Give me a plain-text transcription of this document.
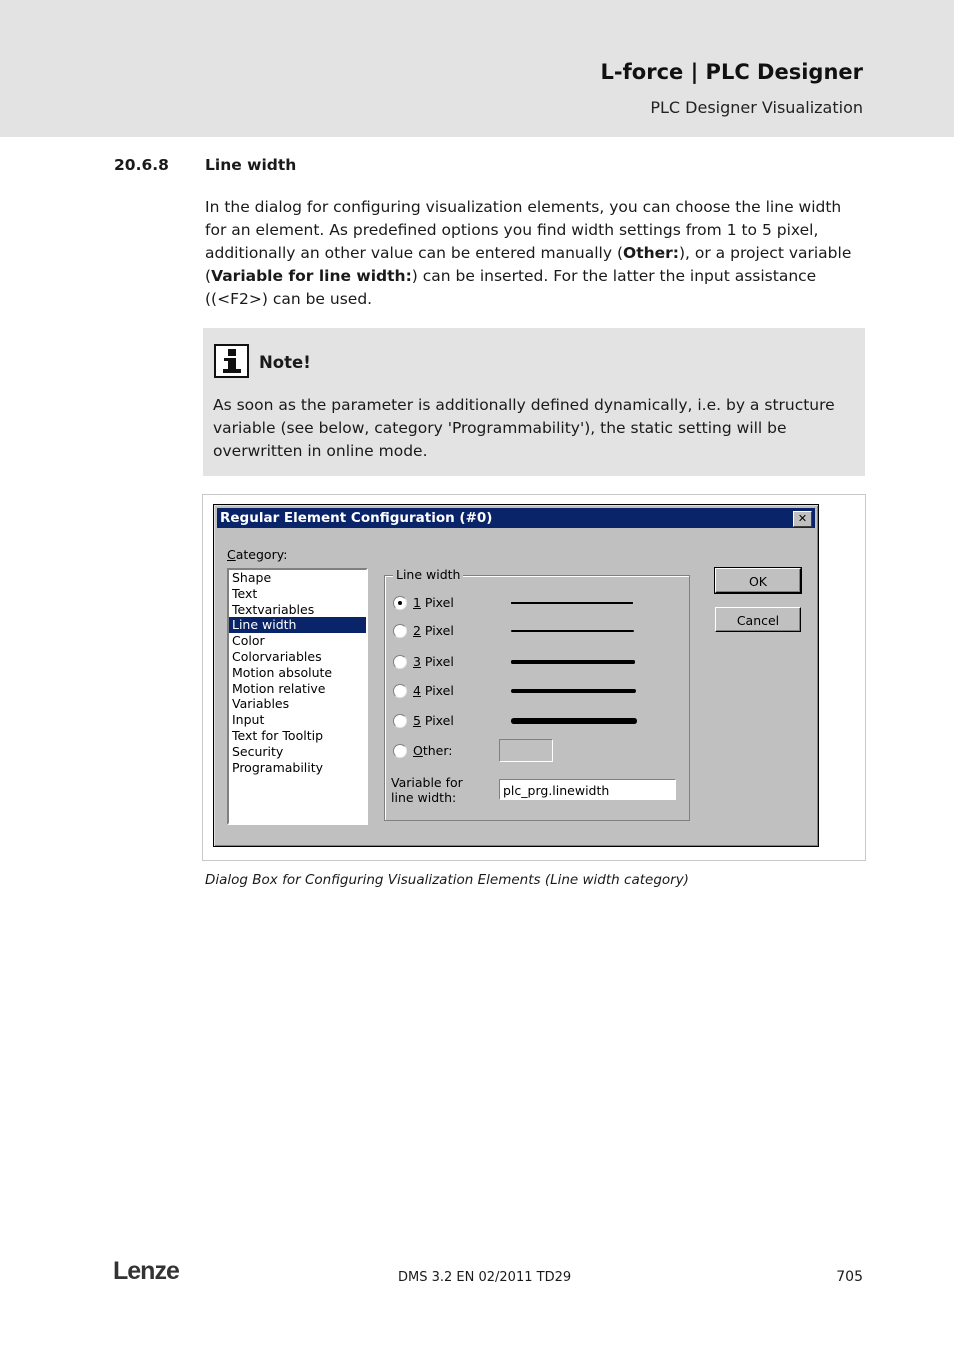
L-force | PLC Designer
PLC Designer Visualization
20.6.8 Line width

In the dialog for configuring visualization elements, you can choose the line width for an element. As predefined options you find width settings from 1 to 5 pixel, additionally an other value can be entered manually (Other:), or a project variable (Variable for line width:) can be inserted. For the latter the input assistance ((<F2>) can be used.

Note!

As soon as the parameter is additionally defined dynamically, i.e. by a structure variable (see below, category 'Programmability'), the static setting will be overwritten in online mode.

Regular Element Configuration (#0)	✕
Category:
Shape
Text
Textvariables
Line width
Color
Colorvariables
Motion absolute
Motion relative
Variables
Input
Text for Tooltip
Security
Programability
Line width
1 Pixel
2 Pixel
3 Pixel
4 Pixel
5 Pixel
Other:
Variable for line width:	plc_prg.linewidth
OK
Cancel
Dialog Box for Configuring Visualization Elements (Line width category)
Lenze	DMS 3.2 EN 02/2011 TD29	705
